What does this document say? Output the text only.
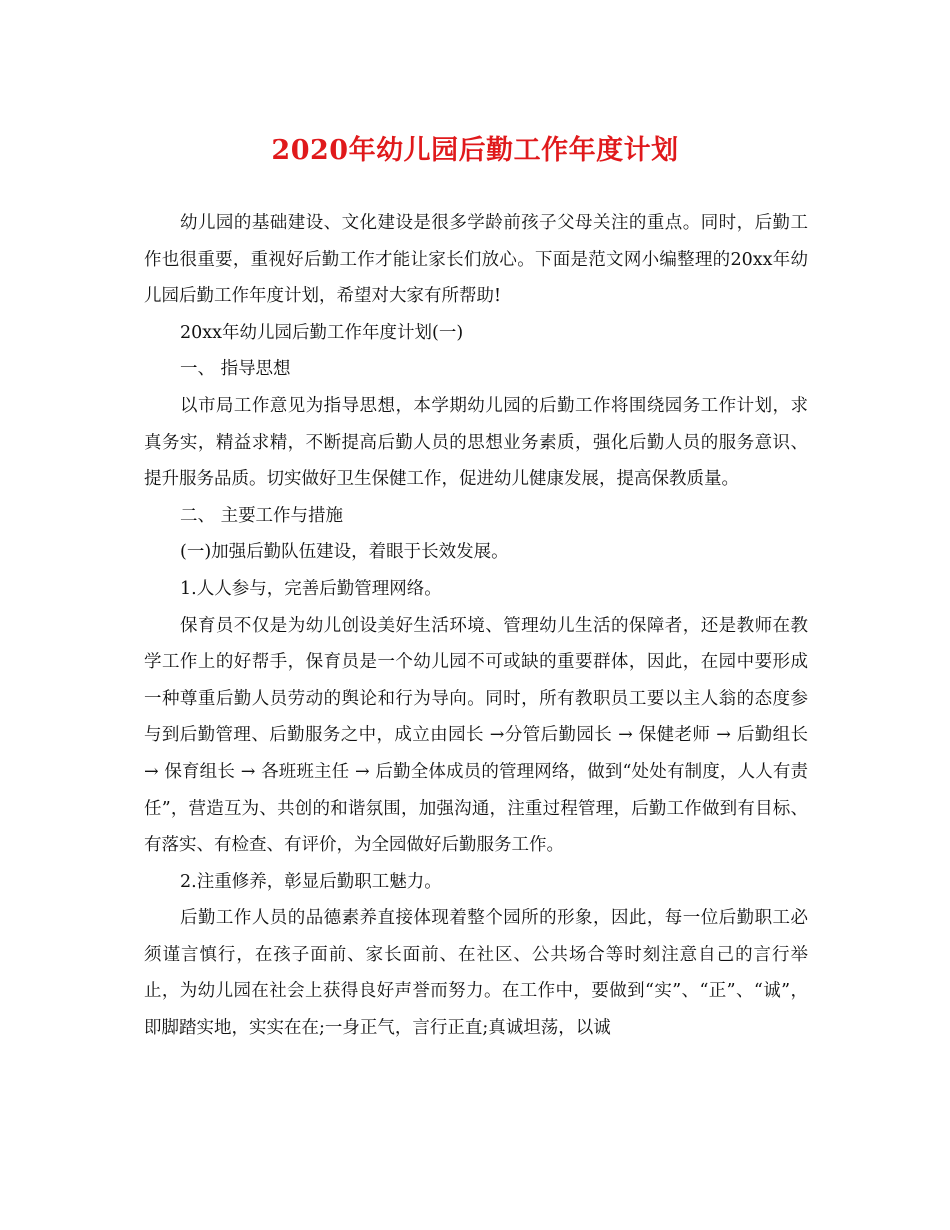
2020年幼儿园后勤工作年度计划

幼儿园的基础建设、文化建设是很多学龄前孩子父母关注的重点。同时，后勤工作也很重要，重视好后勤工作才能让家长们放心。下面是范文网小编整理的20xx年幼儿园后勤工作年度计划，希望对大家有所帮助!

20xx年幼儿园后勤工作年度计划(一)

一、 指导思想

以市局工作意见为指导思想，本学期幼儿园的后勤工作将围绕园务工作计划，求真务实，精益求精，不断提高后勤人员的思想业务素质，强化后勤人员的服务意识、提升服务品质。切实做好卫生保健工作，促进幼儿健康发展，提高保教质量。

二、 主要工作与措施

(一)加强后勤队伍建设，着眼于长效发展。

1.人人参与，完善后勤管理网络。

保育员不仅是为幼儿创设美好生活环境、管理幼儿生活的保障者，还是教师在教学工作上的好帮手，保育员是一个幼儿园不可或缺的重要群体，因此，在园中要形成一种尊重后勤人员劳动的舆论和行为导向。同时，所有教职员工要以主人翁的态度参与到后勤管理、后勤服务之中，成立由园长 →分管后勤园长 → 保健老师 → 后勤组长 → 保育组长 → 各班班主任 → 后勤全体成员的管理网络，做到“处处有制度，人人有责任”，营造互为、共创的和谐氛围，加强沟通，注重过程管理，后勤工作做到有目标、有落实、有检查、有评价，为全园做好后勤服务工作。

2.注重修养，彰显后勤职工魅力。

后勤工作人员的品德素养直接体现着整个园所的形象，因此，每一位后勤职工必须谨言慎行，在孩子面前、家长面前、在社区、公共场合等时刻注意自己的言行举止，为幼儿园在社会上获得良好声誉而努力。在工作中，要做到“实”、“正”、“诚”，即脚踏实地，实实在在;一身正气，言行正直;真诚坦荡，以诚
